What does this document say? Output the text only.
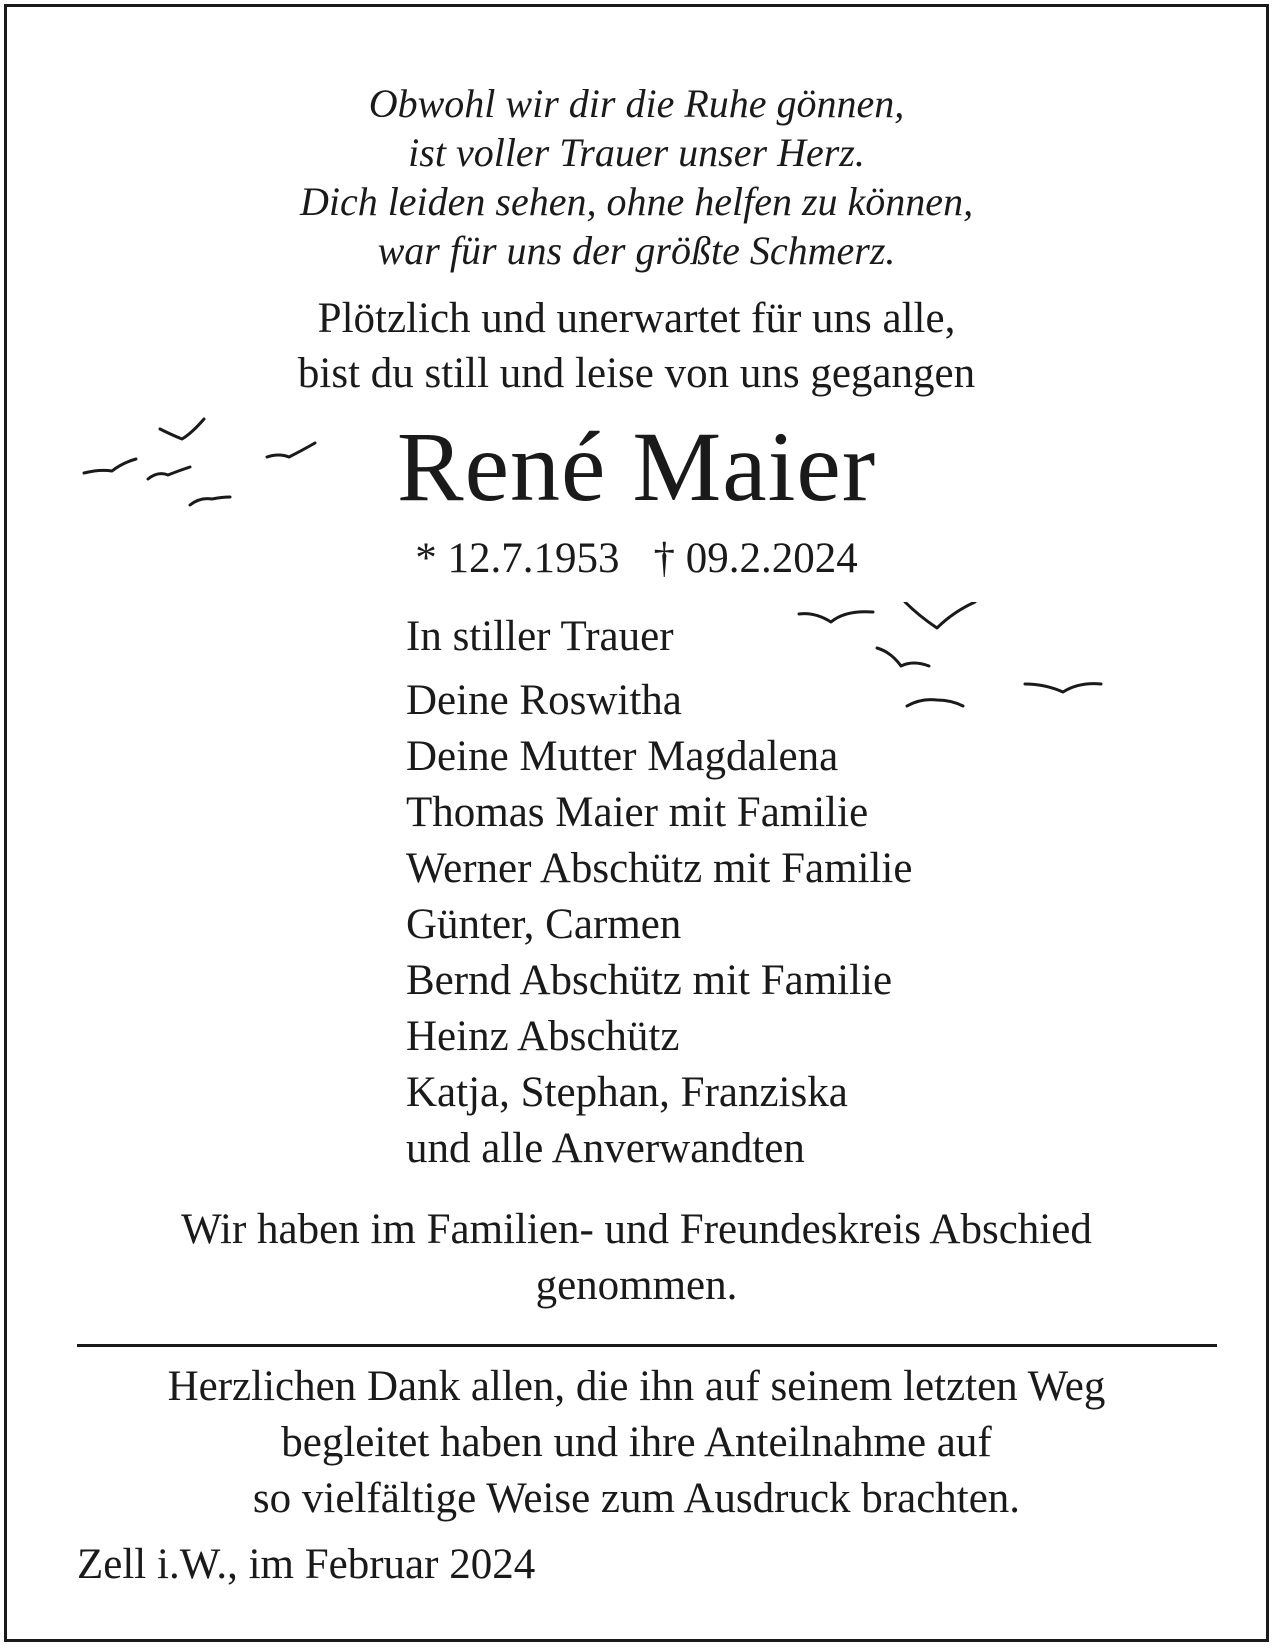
Obwohl wir dir die Ruhe gönnen,
ist voller Trauer unser Herz.
Dich leiden sehen, ohne helfen zu können,
war für uns der größte Schmerz.
Plötzlich und unerwartet für uns alle,
bist du still und leise von uns gegangen
René Maier
* 12.7.1953 † 09.2.2024
In stiller Trauer
Deine Roswitha
Deine Mutter Magdalena
Thomas Maier mit Familie
Werner Abschütz mit Familie
Günter, Carmen
Bernd Abschütz mit Familie
Heinz Abschütz
Katja, Stephan, Franziska
und alle Anverwandten
Wir haben im Familien- und Freundeskreis Abschied
genommen.
Herzlichen Dank allen, die ihn auf seinem letzten Weg
begleitet haben und ihre Anteilnahme auf
so vielfältige Weise zum Ausdruck brachten.
Zell i.W., im Februar 2024
